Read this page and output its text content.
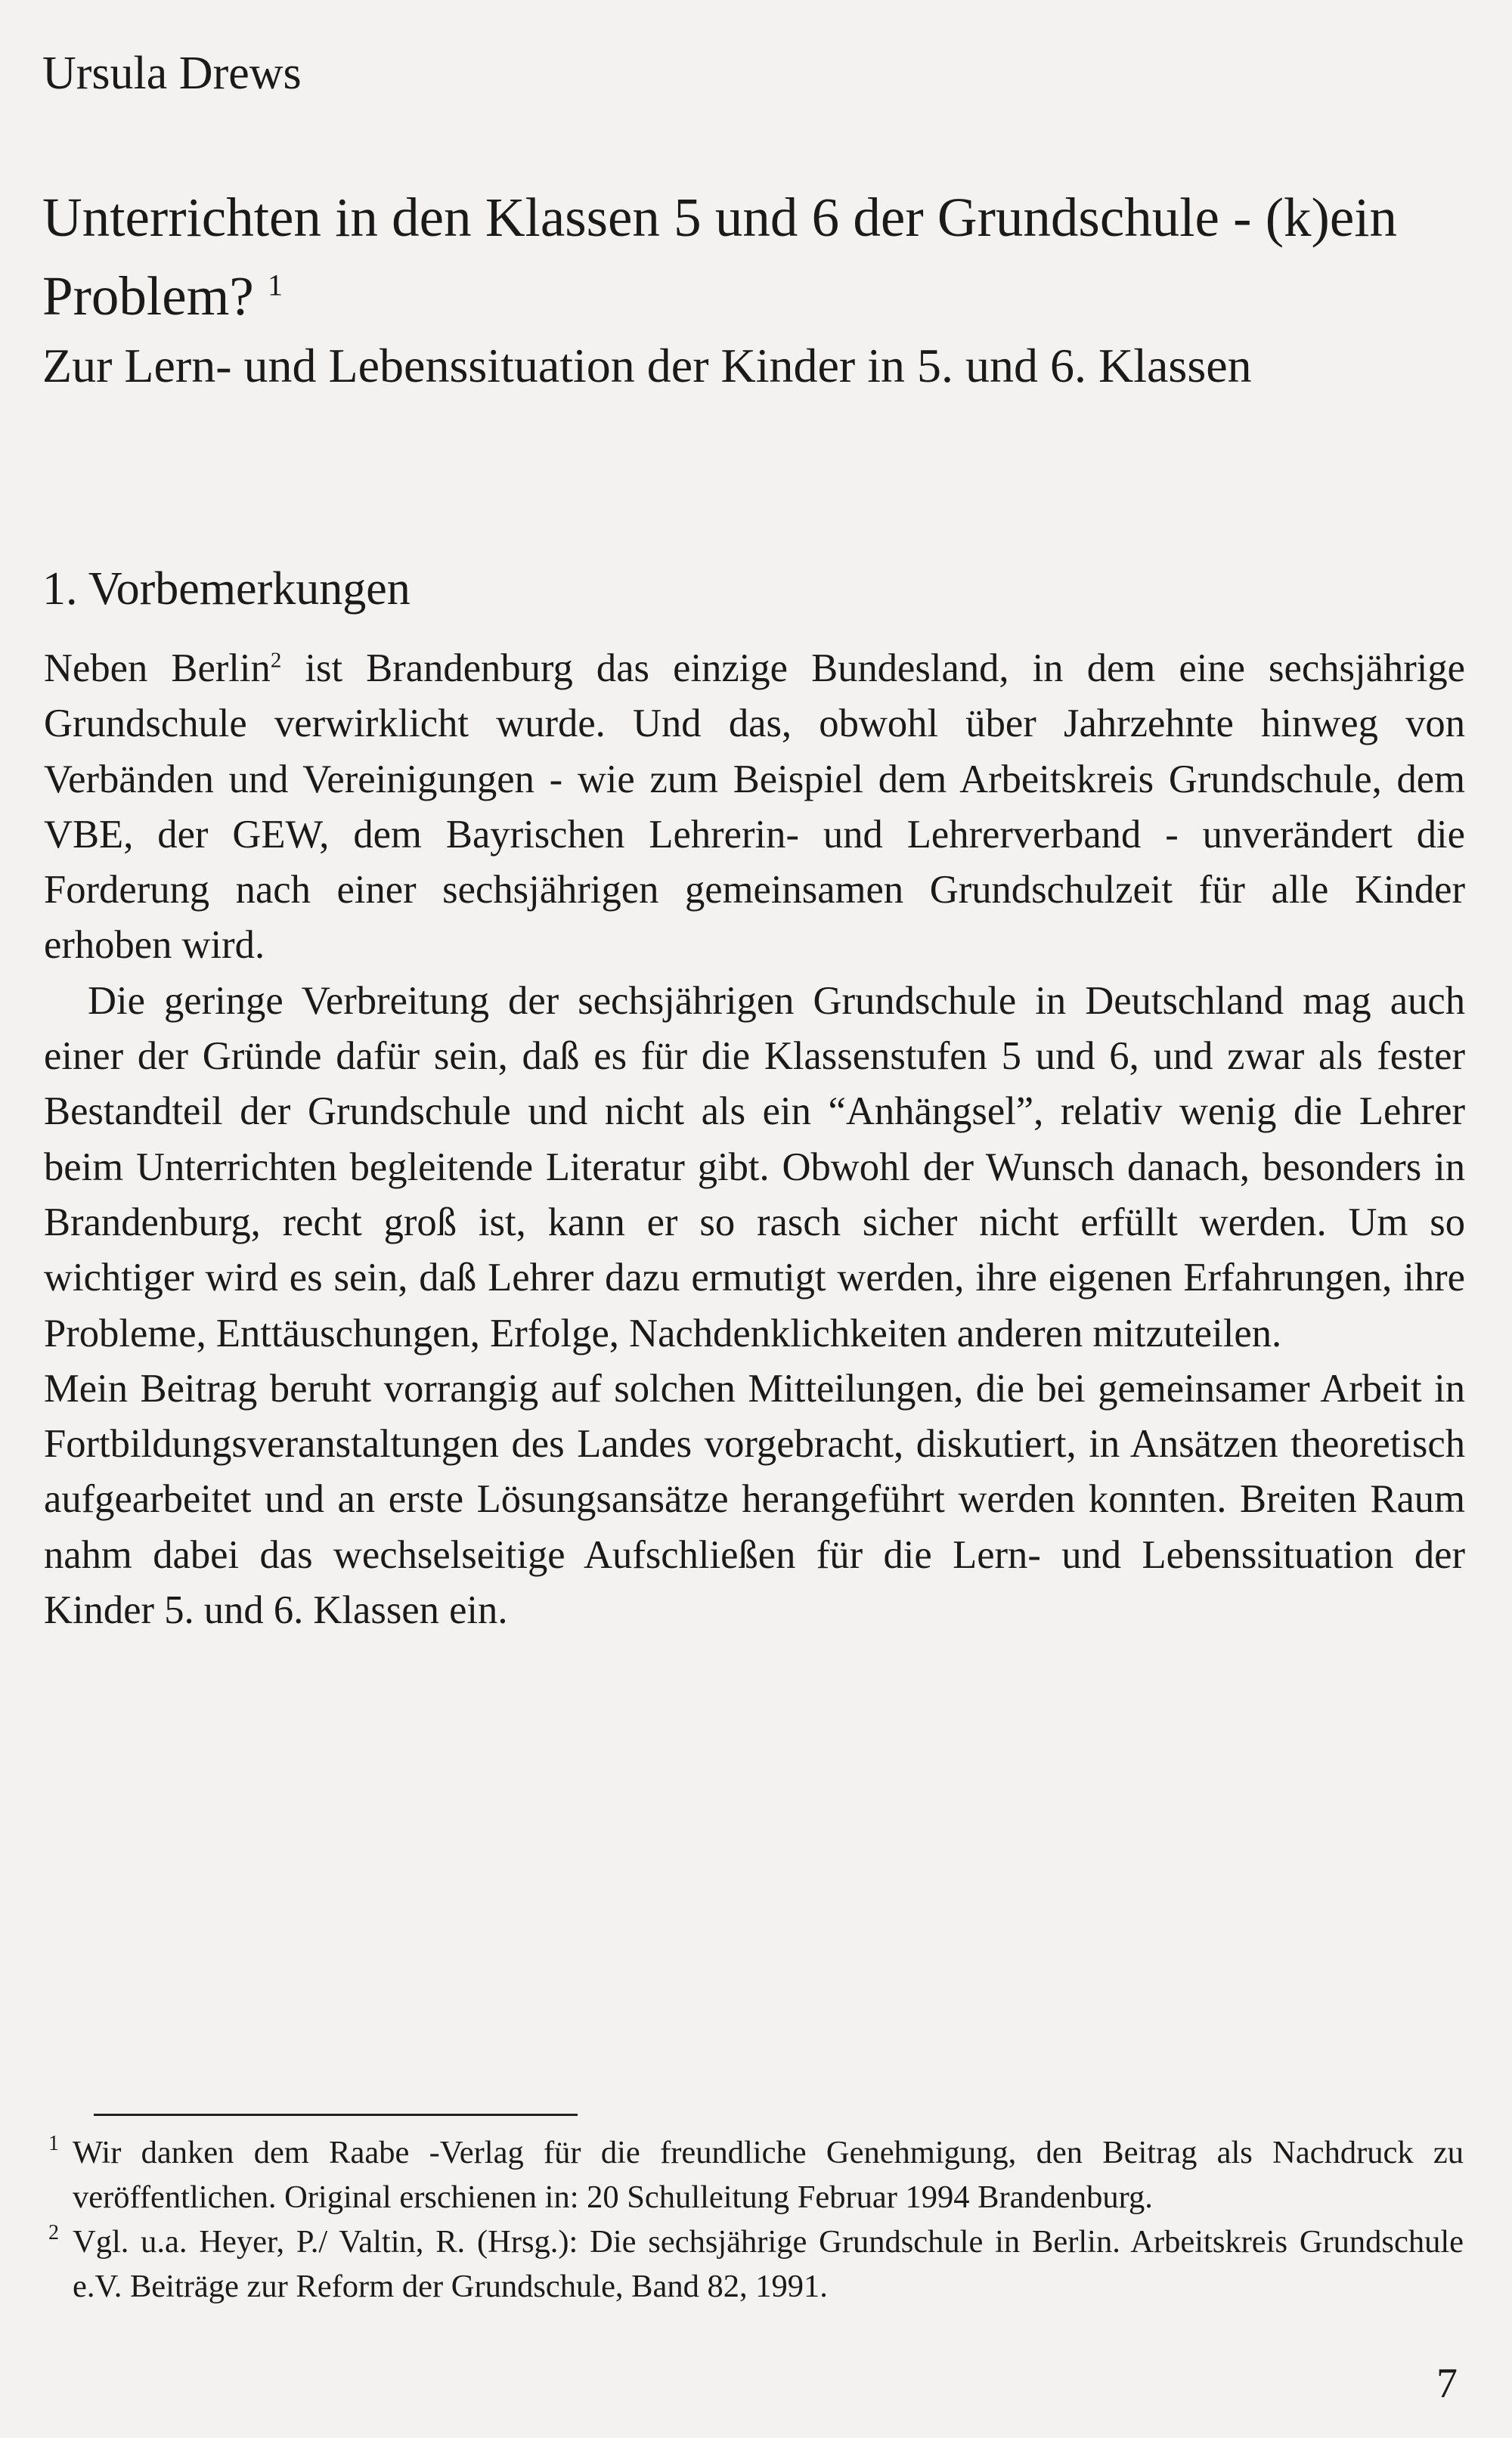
Ursula Drews
Unterrichten in den Klassen 5 und 6 der Grundschule - (k)ein Problem? $^1$
Zur Lern- und Lebenssituation der Kinder in 5. und 6. Klassen
1. Vorbemerkungen

Neben Berlin$^2$ ist Brandenburg das einzige Bundesland, in dem eine sechsjährige Grundschule verwirklicht wurde. Und das, obwohl über Jahrzehnte hinweg von Verbänden und Vereinigungen - wie zum Beispiel dem Arbeitskreis Grundschule, dem VBE, der GEW, dem Bayrischen Lehrerin- und Lehrerverband - unverändert die Forderung nach einer sechsjährigen gemeinsamen Grundschulzeit für alle Kinder erhoben wird.

Die geringe Verbreitung der sechsjährigen Grundschule in Deutschland mag auch einer der Gründe dafür sein, daß es für die Klassenstufen 5 und 6, und zwar als fester Bestandteil der Grundschule und nicht als ein “Anhängsel”, relativ wenig die Lehrer beim Unterrichten begleitende Literatur gibt. Obwohl der Wunsch danach, besonders in Brandenburg, recht groß ist, kann er so rasch sicher nicht erfüllt werden. Um so wichtiger wird es sein, daß Lehrer dazu ermutigt werden, ihre eigenen Erfahrungen, ihre Probleme, Enttäuschungen, Erfolge, Nachdenklichkeiten anderen mitzuteilen.

Mein Beitrag beruht vorrangig auf solchen Mitteilungen, die bei gemeinsamer Arbeit in Fortbildungsveranstaltungen des Landes vorgebracht, diskutiert, in Ansätzen theoretisch aufgearbeitet und an erste Lösungsansätze herangeführt werden konnten. Breiten Raum nahm dabei das wechselseitige Aufschließen für die Lern- und Lebenssituation der Kinder 5. und 6. Klassen ein.

1 Wir danken dem Raabe -Verlag für die freundliche Genehmigung, den Beitrag als Nachdruck zu veröffentlichen. Original erschienen in: 20 Schulleitung Februar 1994 Brandenburg.

2 Vgl. u.a. Heyer, P./ Valtin, R. (Hrsg.): Die sechsjährige Grundschule in Berlin. Arbeitskreis Grundschule e.V. Beiträge zur Reform der Grundschule, Band 82, 1991.

7
